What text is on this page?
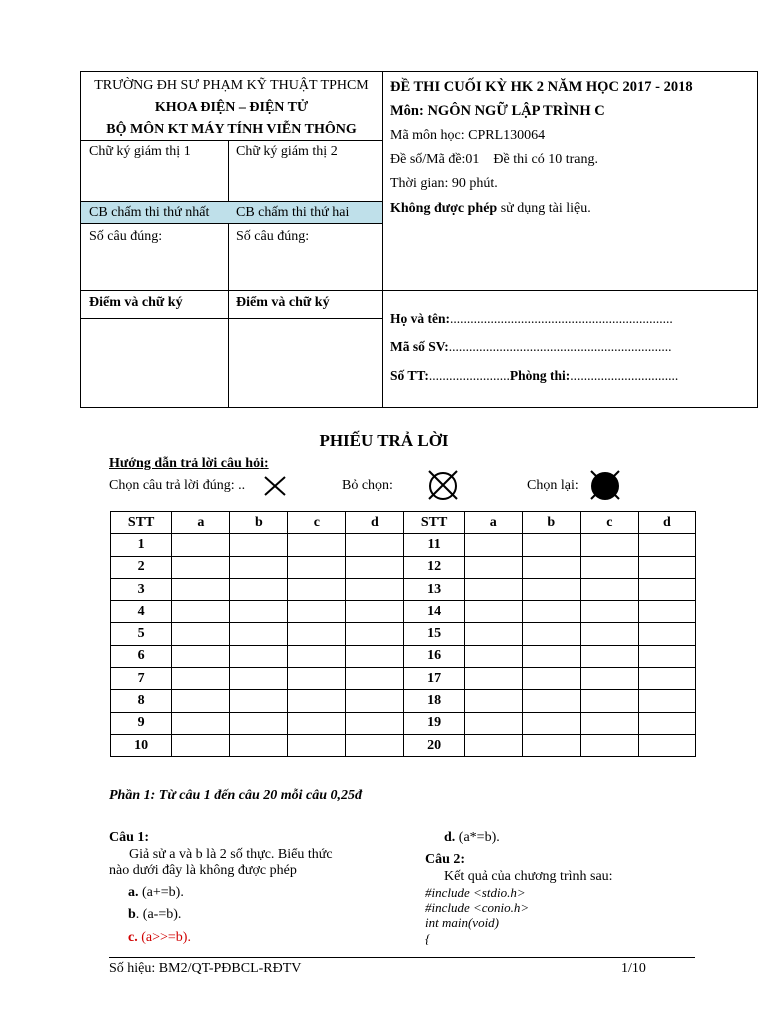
TRƯỜNG ĐH SƯ PHẠM KỸ THUẬT TPHCM
KHOA ĐIỆN – ĐIỆN TỬ
BỘ MÔN KT MÁY TÍNH VIỄN THÔNG
Chữ ký giám thị 1	Chữ ký giám thị 2
CB chấm thi thứ nhất CB chấm thi thứ hai
Số câu đúng:	Số câu đúng:
Điểm và chữ ký	Điểm và chữ ký
ĐỀ THI CUỐI KỲ HK 2 NĂM HỌC 2017 - 2018
Môn: NGÔN NGỮ LẬP TRÌNH C
Mã môn học: CPRL130064
Đề số/Mã đề:01    Đề thi có 10 trang.
Thời gian: 90 phút.
Không được phép sử dụng tài liệu.
Họ và tên:..................................................................
Mã số SV:..................................................................
Số TT:........................Phòng thi:................................
PHIẾU TRẢ LỜI
Hướng dẫn trả lời câu hỏi:
Chọn câu trả lời đúng: ..	Bỏ chọn:	Chọn lại:
STT	a	b	c	d	STT	a	b	c	d
1					11				
2					12				
3					13				
4					14				
5					15				
6					16				
7					17				
8					18				
9					19				
10					20				
Phần 1: Từ câu 1 đến câu 20 mỗi câu 0,25đ
Câu 1:
Giả sử a và b là 2 số thực. Biểu thức
nào dưới đây là không được phép
a. (a+=b).
b. (a-=b).
c. (a>>=b).
d. (a*=b).
Câu 2:
Kết quả của chương trình sau:
#include <stdio.h>
#include <conio.h>
int main(void)
{
Số hiệu: BM2/QT-PĐBCL-RĐTV	1/10
